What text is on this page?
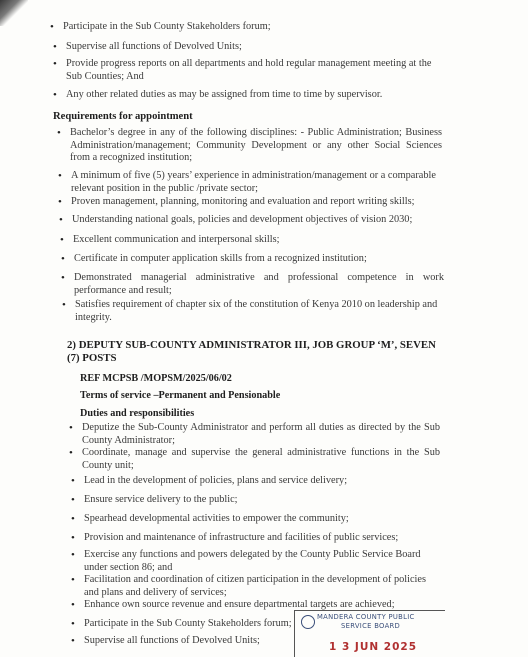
• Participate in the Sub County Stakeholders forum;
• Supervise all functions of Devolved Units;
• Provide progress reports on all departments and hold regular management meeting at the Sub Counties; And
• Any other related duties as may be assigned from time to time by supervisor.
Requirements for appointment
• Bachelor’s degree in any of the following disciplines: - Public Administration; Business Administration/management; Community Development or any other Social Sciences from a recognized institution;
• A minimum of five (5) years’ experience in administration/management or a comparable relevant position in the public /private sector;
• Proven management, planning, monitoring and evaluation and report writing skills;
• Understanding national goals, policies and development objectives of vision 2030;
• Excellent communication and interpersonal skills;
• Certificate in computer application skills from a recognized institution;
• Demonstrated managerial administrative and professional competence in work performance and result;
• Satisfies requirement of chapter six of the constitution of Kenya 2010 on leadership and integrity.
2) DEPUTY SUB-COUNTY ADMINISTRATOR III, JOB GROUP ‘M’, SEVEN (7) POSTS
REF MCPSB /MOPSM/2025/06/02
Terms of service –Permanent and Pensionable
Duties and responsibilities
• Deputize the Sub-County Administrator and perform all duties as directed by the Sub County Administrator;
• Coordinate, manage and supervise the general administrative functions in the Sub County unit;
• Lead in the development of policies, plans and service delivery;
• Ensure service delivery to the public;
• Spearhead developmental activities to empower the community;
• Provision and maintenance of infrastructure and facilities of public services;
• Exercise any functions and powers delegated by the County Public Service Board under section 86; and
• Facilitation and coordination of citizen participation in the development of policies and plans and delivery of services;
• Enhance own source revenue and ensure departmental targets are achieved;
• Participate in the Sub County Stakeholders forum;
• Supervise all functions of Devolved Units;
MANDERA COUNTY PUBLIC
SERVICE BOARD
1 3 JUN 2025
